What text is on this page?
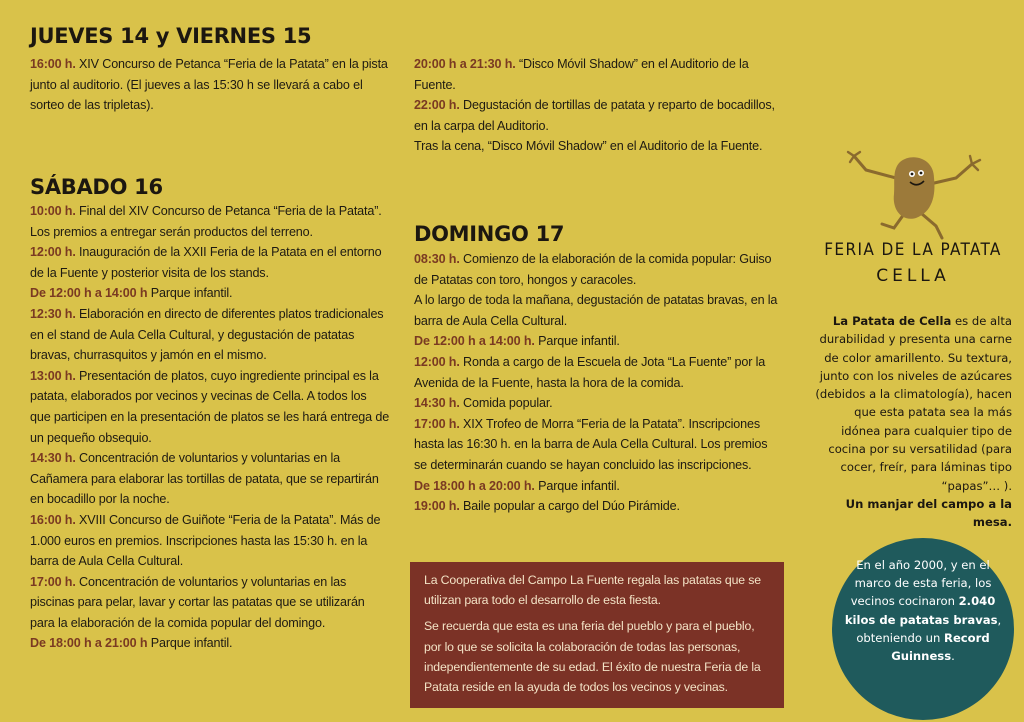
JUEVES 14 y VIERNES 15
SÁBADO 16
DOMINGO 17

16:00 h. XIV Concurso de Petanca “Feria de la Patata” en la pista junto al auditorio. (El jueves a las 15:30 h se llevará a cabo el sorteo de las tripletas).

10:00 h. Final del XIV Concurso de Petanca “Feria de la Patata”. Los premios a entregar serán productos del terreno.

12:00 h. Inauguración de la XXII Feria de la Patata en el entorno de la Fuente y posterior visita de los stands.

De 12:00 h a 14:00 h Parque infantil.

12:30 h. Elaboración en directo de diferentes platos tradicionales en el stand de Aula Cella Cultural, y degustación de patatas bravas, churrasquitos y jamón en el mismo.

13:00 h. Presentación de platos, cuyo ingrediente principal es la patata, elaborados por vecinos y vecinas de Cella. A todos los que participen en la presentación de platos se les hará entrega de un pequeño obsequio.

14:30 h. Concentración de voluntarios y voluntarias en la Cañamera para elaborar las tortillas de patata, que se repartirán en bocadillo por la noche.

16:00 h. XVIII Concurso de Guiñote “Feria de la Patata”. Más de 1.000 euros en premios. Inscripciones hasta las 15:30 h. en la barra de Aula Cella Cultural.

17:00 h. Concentración de voluntarios y voluntarias en las piscinas para pelar, lavar y cortar las patatas que se utilizarán para la elaboración de la comida popular del domingo.

De 18:00 h a 21:00 h Parque infantil.

20:00 h a 21:30 h. “Disco Móvil Shadow” en el Auditorio de la Fuente.

22:00 h. Degustación de tortillas de patata y reparto de bocadillos, en la carpa del Auditorio.

Tras la cena, “Disco Móvil Shadow” en el Auditorio de la Fuente.

08:30 h. Comienzo de la elaboración de la comida popular: Guiso de Patatas con toro, hongos y caracoles.

A lo largo de toda la mañana, degustación de patatas bravas, en la barra de Aula Cella Cultural.

De 12:00 h a 14:00 h. Parque infantil.

12:00 h. Ronda a cargo de la Escuela de Jota “La Fuente” por la Avenida de la Fuente, hasta la hora de la comida.

14:30 h. Comida popular.

17:00 h. XIX Trofeo de Morra “Feria de la Patata”. Inscripciones hasta las 16:30 h. en la barra de Aula Cella Cultural. Los premios se determinarán cuando se hayan concluido las inscripciones.

De 18:00 h a 20:00 h. Parque infantil.

19:00 h. Baile popular a cargo del Dúo Pirámide.

FERIA DE LA PATATA
CELLA
La Patata de Cella es de alta durabilidad y presenta una carne de color amarillento. Su textura, junto con los niveles de azúcares (debidos a la climatología), hacen que esta patata sea la más idónea para cualquier tipo de cocina por su versatilidad (para cocer, freír, para láminas tipo “papas”… ).
Un manjar del campo a la mesa.

La Cooperativa del Campo La Fuente regala las patatas que se utilizan para todo el desarrollo de esta fiesta.

Se recuerda que esta es una feria del pueblo y para el pueblo, por lo que se solicita la colaboración de todas las personas, independientemente de su edad. El éxito de nuestra Feria de la Patata reside en la ayuda de todos los vecinos y vecinas.

En el año 2000, y en el marco de esta feria, los vecinos cocinaron 2.040 kilos de patatas bravas, obteniendo un Record Guinness.
